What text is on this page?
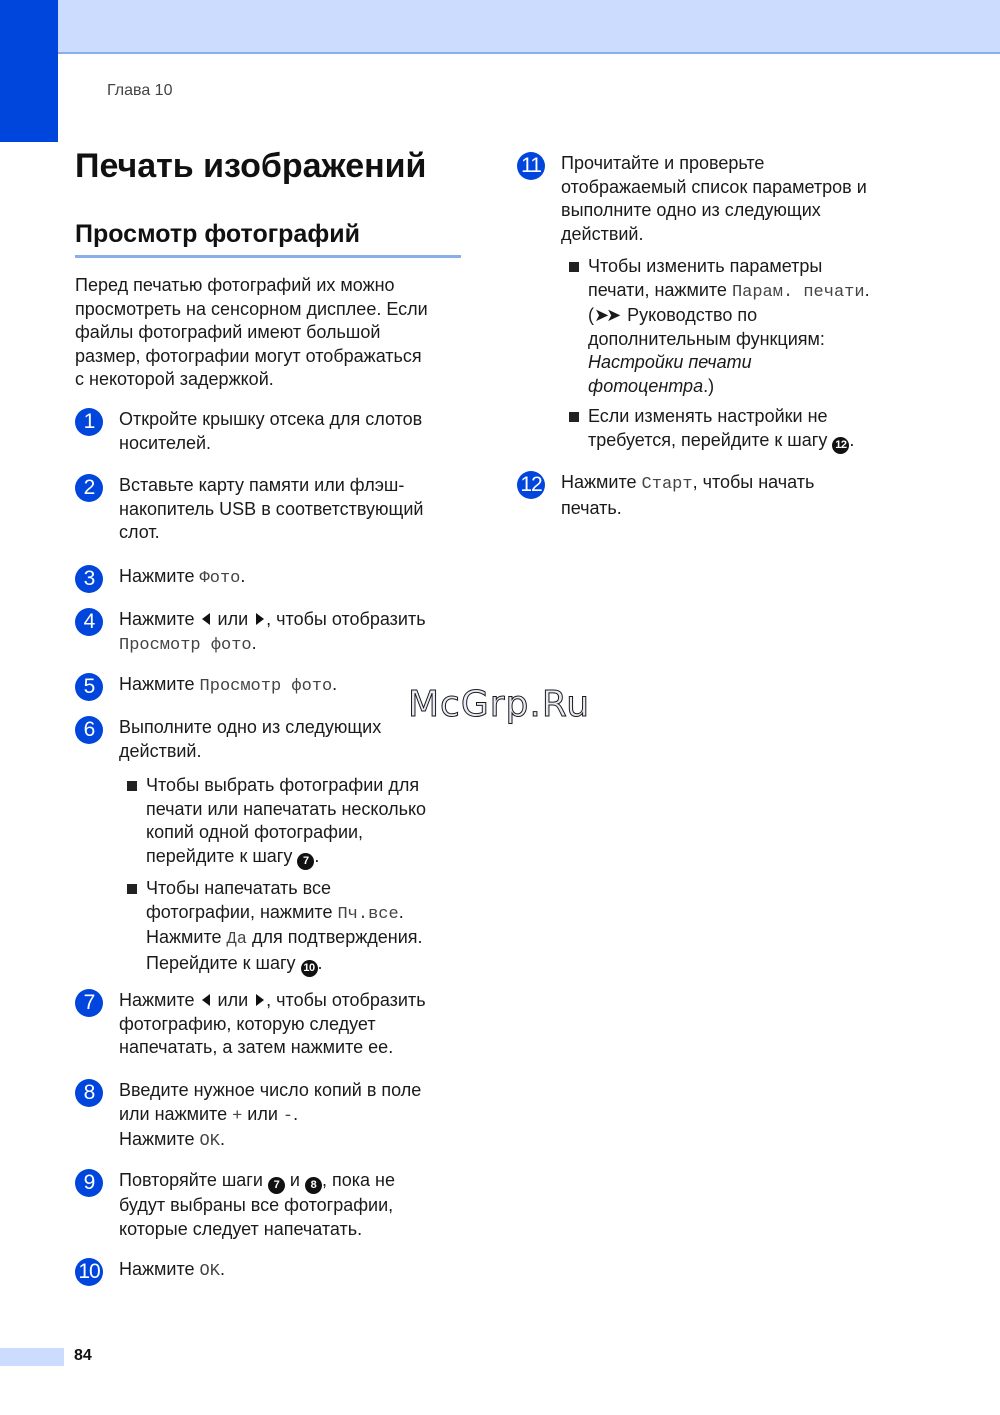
Глава 10
Печать изображений
Просмотр фотографий

Перед печатью фотографий их можно
просмотреть на сенсорном дисплее. Если
файлы фотографий имеют большой
размер, фотографии могут отображаться
с некоторой задержкой.

1	Откройте крышку отсека для слотов
носителей.
2	Вставьте карту памяти или флэш-
накопитель USB в соответствующий
слот.
3	Нажмите Фото.
4	Нажмите  или , чтобы отобразить
Просмотр фото.
5	Нажмите Просмотр фото.
6	Выполните одно из следующих
действий.
Чтобы выбрать фотографии для
печати или напечатать несколько
копий одной фотографии,
перейдите к шагу 7 .
Чтобы напечатать все
фотографии, нажмите Пч.все.
Нажмите Да для подтверждения.
Перейдите к шагу 10 .
7	Нажмите  или , чтобы отобразить
фотографию, которую следует
напечатать, а затем нажмите ее.
8	Введите нужное число копий в поле
или нажмите + или -.
Нажмите OK.
9	Повторяйте шаги 7 и 8 , пока не
будут выбраны все фотографии,
которые следует напечатать.
10 Нажмите OK.
11 Прочитайте и проверьте
отображаемый список параметров и
выполните одно из следующих
действий.
Чтобы изменить параметры
печати, нажмите Парам. печати.
(➤➤ Руководство по
дополнительным функциям:
Настройки печати
фотоцентра.)
Если изменять настройки не
требуется, перейдите к шагу 12 .
12 Нажмите Старт, чтобы начать
печать.
McGrp.Ru
84
